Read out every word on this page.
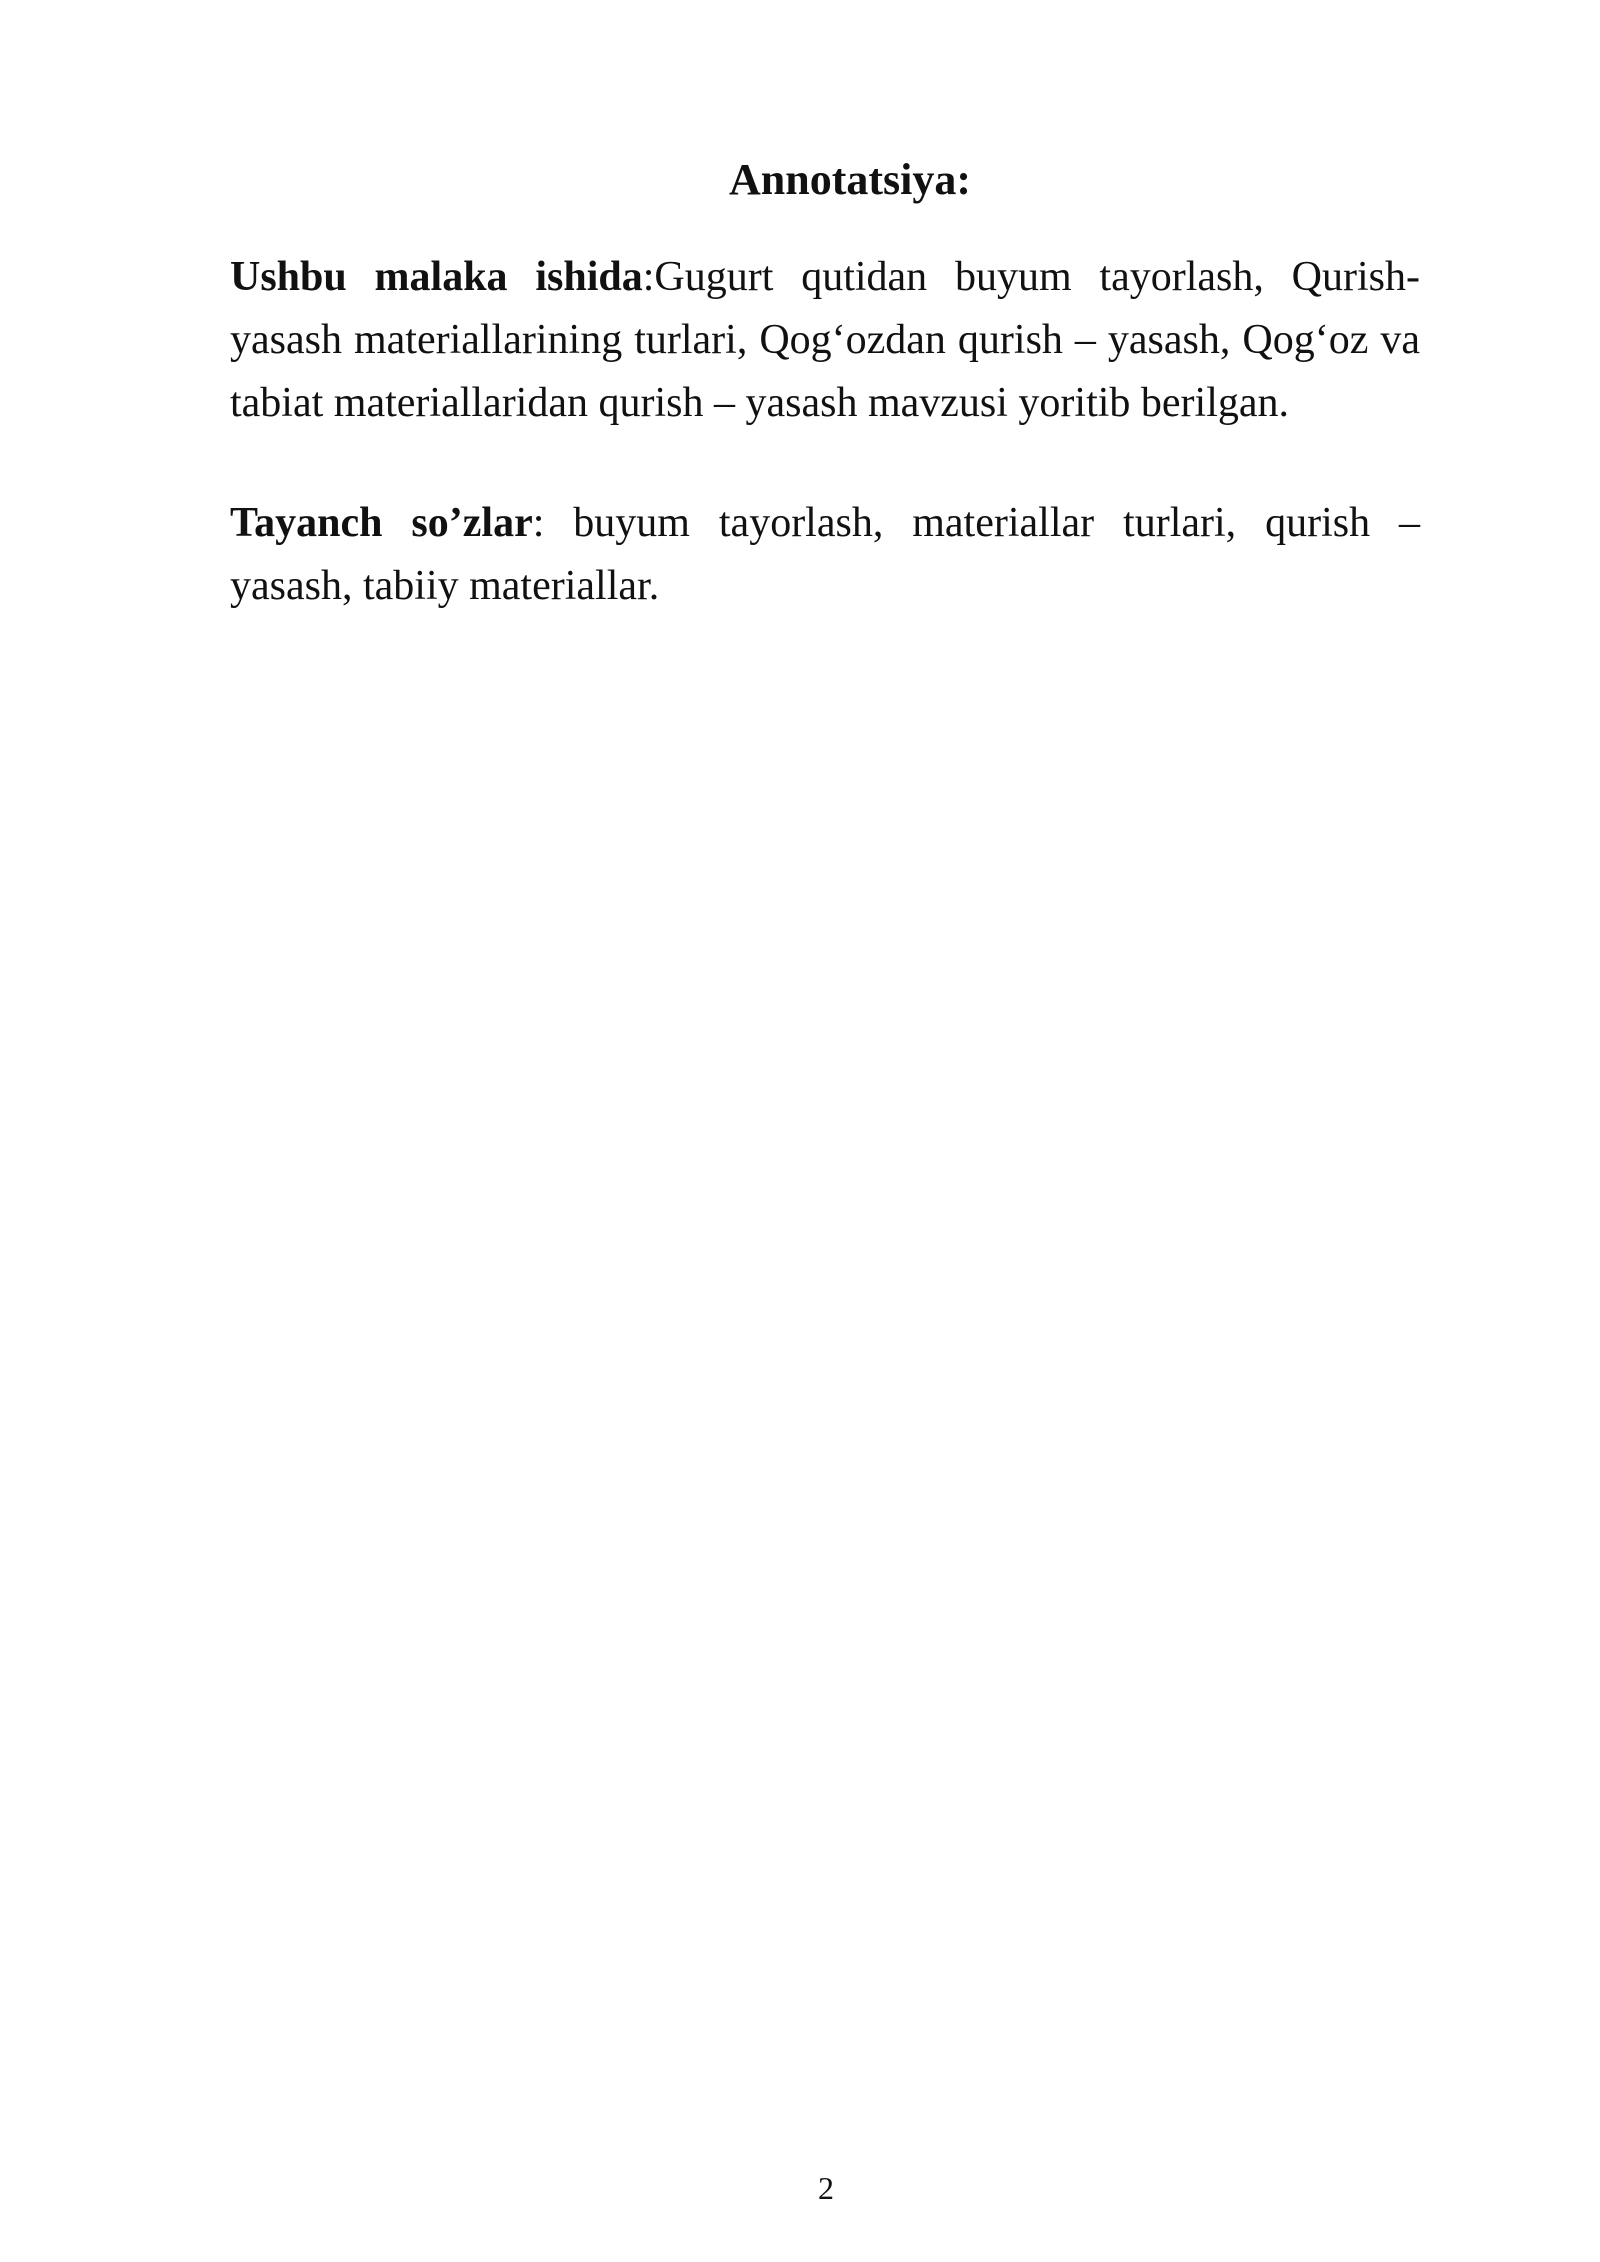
Annotatsiya:

Ushbu malaka ishida:Gugurt qutidan buyum tayorlash, Qurish-yasash materiallarining turlari, Qog‘ozdan qurish – yasash, Qog‘oz va tabiat materiallaridan qurish – yasash mavzusi yoritib berilgan.

Tayanch so’zlar: buyum tayorlash, materiallar turlari, qurish – yasash, tabiiy materiallar.

2
